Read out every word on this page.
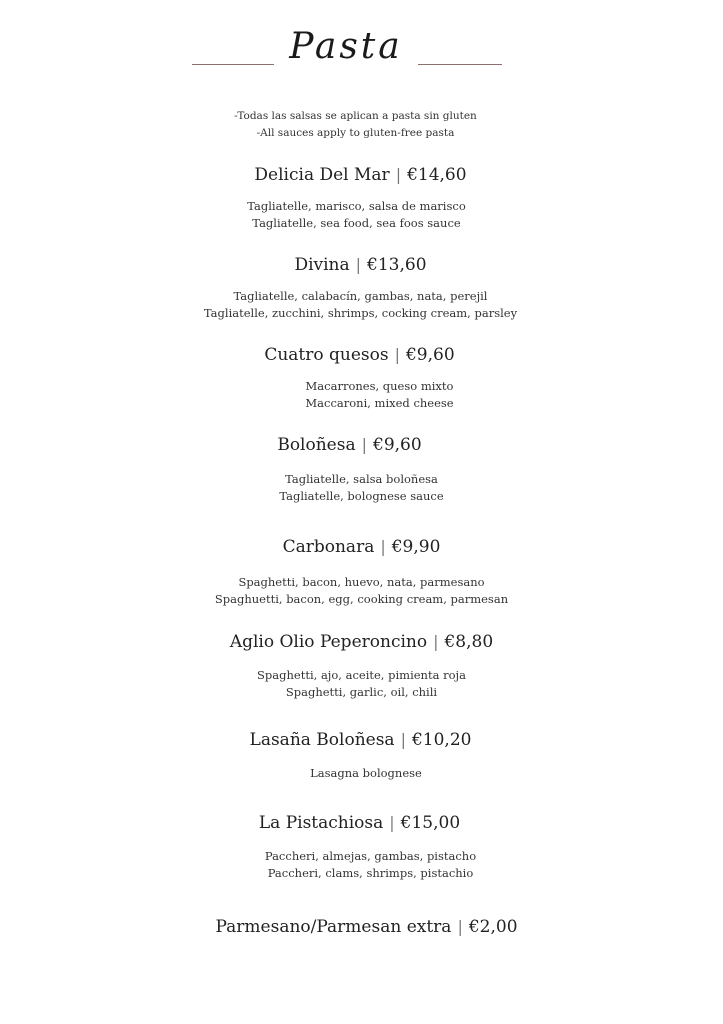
Pasta
-Todas las salsas se aplican a pasta sin gluten
-All sauces apply to gluten-free pasta
Delicia Del Mar | €14,60
Tagliatelle, marisco, salsa de marisco
Tagliatelle, sea food, sea foos sauce
Divina | €13,60
Tagliatelle, calabacín, gambas, nata, perejil
Tagliatelle, zucchini, shrimps, cocking cream, parsley
Cuatro quesos | €9,60
Macarrones, queso mixto
Maccaroni, mixed cheese
Boloñesa | €9,60
Tagliatelle, salsa boloñesa
Tagliatelle, bolognese sauce
Carbonara | €9,90
Spaghetti, bacon, huevo, nata, parmesano
Spaghuetti, bacon, egg, cooking cream, parmesan
Aglio Olio Peperoncino | €8,80
Spaghetti, ajo, aceite, pimienta roja
Spaghetti, garlic, oil, chili
Lasaña Boloñesa | €10,20
Lasagna bolognese
La Pistachiosa | €15,00
Paccheri, almejas, gambas, pistacho
Paccheri, clams, shrimps, pistachio
Parmesano/Parmesan extra | €2,00
